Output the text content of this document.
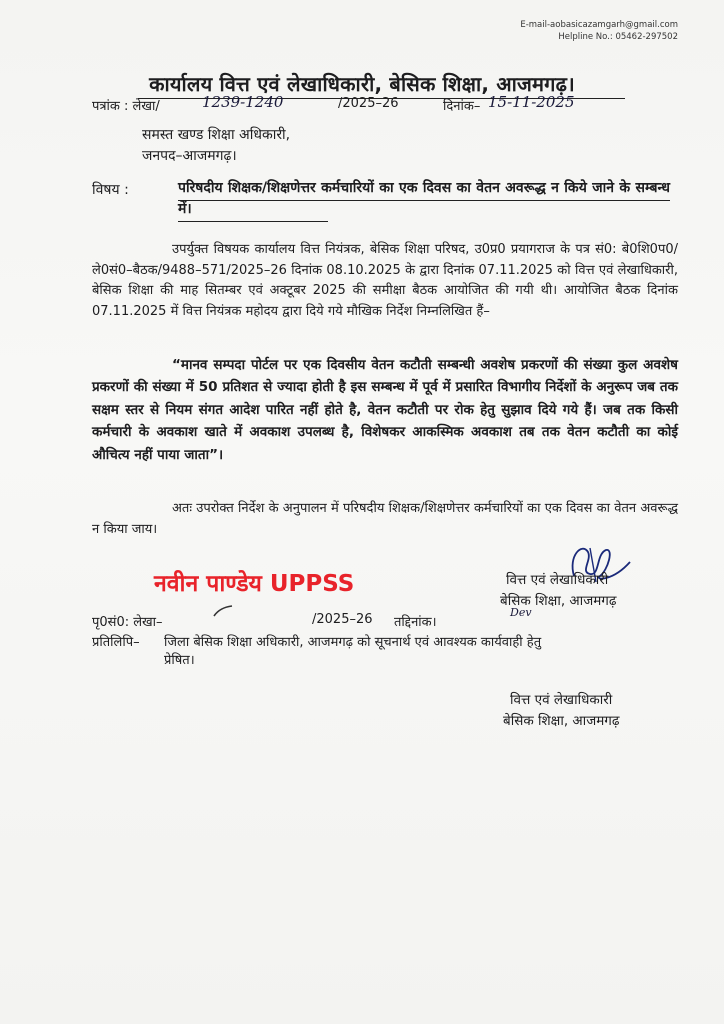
E-mail-aobasicazamgarh@gmail.com
Helpline No.: 05462-297502
कार्यालय वित्त एवं लेखाधिकारी, बेसिक शिक्षा, आजमगढ़।
पत्रांक : लेखा/	1239-1240	/2025–26	दिनांक– 15-11-2025
समस्त खण्ड शिक्षा अधिकारी,
जनपद–आजमगढ़।
विषय :	परिषदीय शिक्षक/शिक्षणेत्तर कर्मचारियों का एक दिवस का वेतन अवरूद्ध न किये जाने के सम्बन्ध में।
उपर्युक्त विषयक कार्यालय वित्त नियंत्रक, बेसिक शिक्षा परिषद, उ0प्र0 प्रयागराज के पत्र सं0: बे0शि0प0/ले0सं0–बैठक/9488–571/2025–26 दिनांक 08.10.2025 के द्वारा दिनांक 07.11.2025 को वित्त एवं लेखाधिकारी, बेसिक शिक्षा की माह सितम्बर एवं अक्टूबर 2025 की समीक्षा बैठक आयोजित की गयी थी। आयोजित बैठक दिनांक 07.11.2025 में वित्त नियंत्रक महोदय द्वारा दिये गये मौखिक निर्देश निम्नलिखित हैं–
“मानव सम्पदा पोर्टल पर एक दिवसीय वेतन कटौती सम्बन्धी अवशेष प्रकरणों की संख्या कुल अवशेष प्रकरणों की संख्या में 50 प्रतिशत से ज्यादा होती है इस सम्बन्ध में पूर्व में प्रसारित विभागीय निर्देशों के अनुरूप जब तक सक्षम स्तर से नियम संगत आदेश पारित नहीं होते है, वेतन कटौती पर रोक हेतु सुझाव दिये गये हैं। जब तक किसी कर्मचारी के अवकाश खाते में अवकाश उपलब्ध है, विशेषकर आकस्मिक अवकाश तब तक वेतन कटौती का कोई औचित्य नहीं पाया जाता”।
अतः उपरोक्त निर्देश के अनुपालन में परिषदीय शिक्षक/शिक्षणेत्तर कर्मचारियों का एक दिवस का वेतन अवरूद्ध न किया जाय।
नवीन पाण्डेय UPPSS	वित्त एवं लेखाधिकारी
बेसिक शिक्षा, आजमगढ़
Dev
पृ0सं0: लेखा–	/2025–26 तद्दिनांक।
प्रतिलिपि– जिला बेसिक शिक्षा अधिकारी, आजमगढ़ को सूचनार्थ एवं आवश्यक कार्यवाही हेतु
प्रेषित।
वित्त एवं लेखाधिकारी
बेसिक शिक्षा, आजमगढ़
